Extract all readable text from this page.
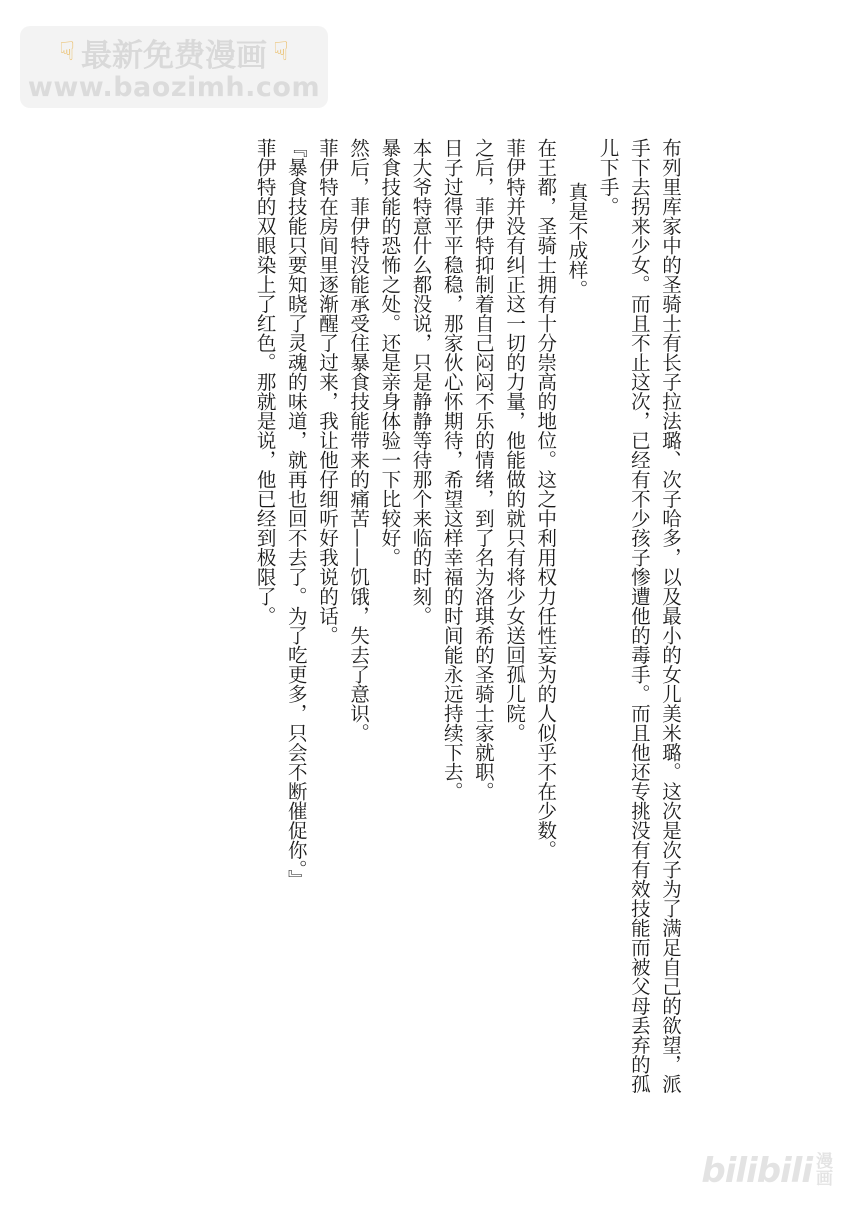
☟ 最新免费漫画 ☟
www.baozimh.com
布列里库家中的圣骑士有长子拉法璐、次子哈多，以及最小的女儿美米璐。这次是次子为了满足自己的欲望，派手下去拐来少女。而且不止这次，已经有不少孩子惨遭他的毒手。而且他还专挑没有有效技能而被父母丢弃的孤儿下手。
真是不成样。
在王都，圣骑士拥有十分崇高的地位。这之中利用权力任性妄为的人似乎不在少数。
菲伊特并没有纠正这一切的力量，他能做的就只有将少女送回孤儿院。
之后，菲伊特抑制着自己闷闷不乐的情绪，到了名为洛琪希的圣骑士家就职。
日子过得平平稳稳，那家伙心怀期待，希望这样幸福的时间能永远持续下去。
本大爷特意什么都没说，只是静静等待那个来临的时刻。
暴食技能的恐怖之处。还是亲身体验一下比较好。
然后，菲伊特没能承受住暴食技能带来的痛苦——饥饿，失去了意识。
菲伊特在房间里逐渐醒了过来，我让他仔细听好我说的话。
『暴食技能只要知晓了灵魂的味道，就再也回不去了。为了吃更多，只会不断催促你。』
菲伊特的双眼染上了红色。那就是说，他已经到极限了。
bilibili 漫画
